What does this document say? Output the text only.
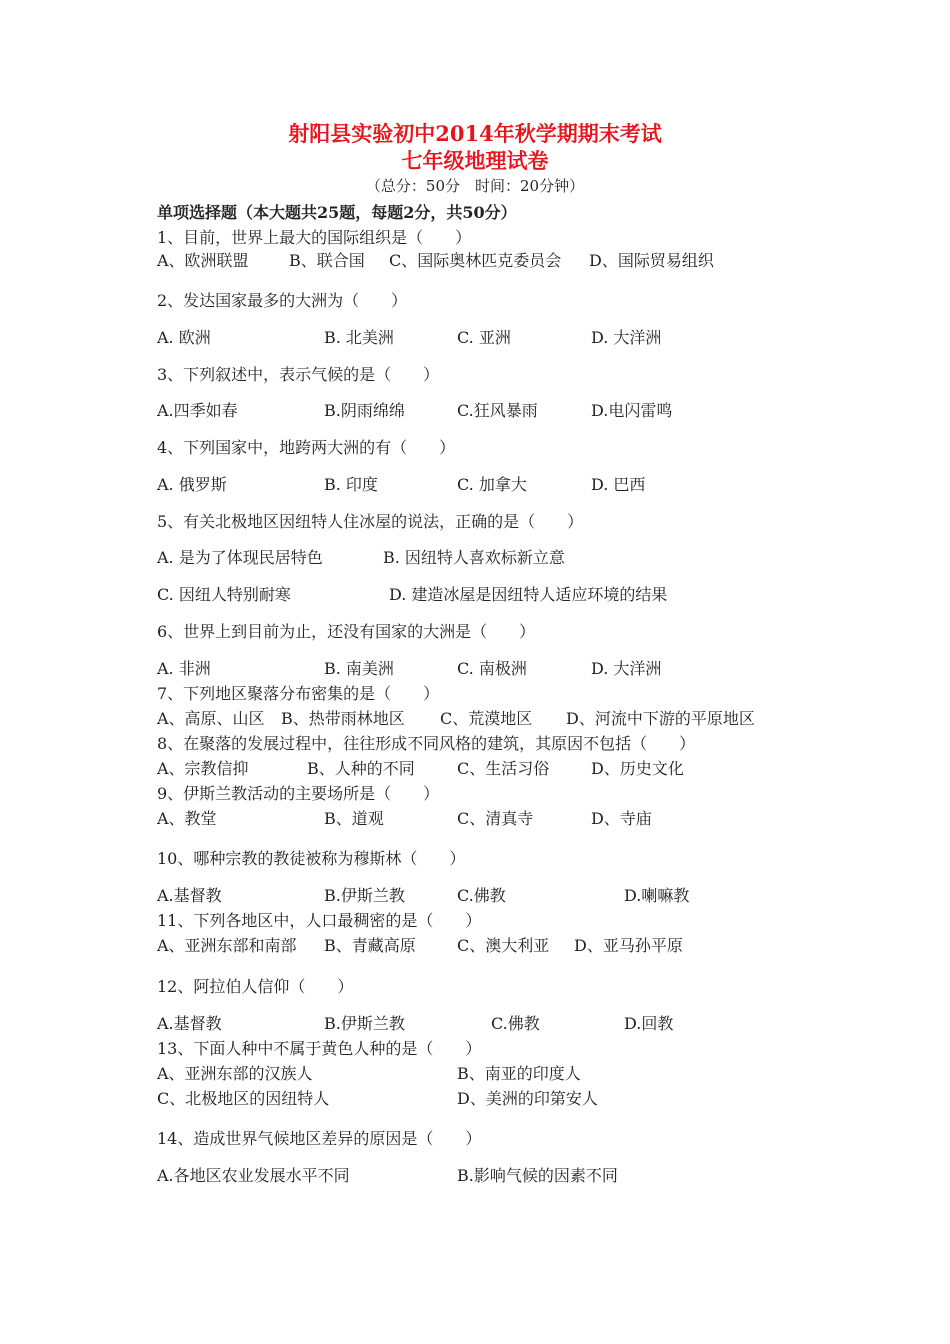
射阳县实验初中2014年秋学期期末考试
七年级地理试卷
（总分：50分　时间：20分钟）
单项选择题（本大题共25题，每题2分，共50分）
1、目前，世界上最大的国际组织是（　　）
A、欧洲联盟	B、联合国 C、国际奥林匹克委员会 D、国际贸易组织
2、发达国家最多的大洲为（　　）
A. 欧洲	B. 北美洲	C. 亚洲	D. 大洋洲
3、下列叙述中，表示气候的是（　　）
A.四季如春	B.阴雨绵绵	C.狂风暴雨	D.电闪雷鸣
4、下列国家中，地跨两大洲的有（　　）
A. 俄罗斯	B. 印度	C. 加拿大	D. 巴西
5、有关北极地区因纽特人住冰屋的说法，正确的是（　　）
A. 是为了体现民居特色	B. 因纽特人喜欢标新立意
C. 因纽人特别耐寒	D. 建造冰屋是因纽特人适应环境的结果
6、世界上到目前为止，还没有国家的大洲是（　　）
A. 非洲	B. 南美洲	C. 南极洲	D. 大洋洲
7、下列地区聚落分布密集的是（　　）
A、高原、山区 B、热带雨林地区 C、荒漠地区 D、河流中下游的平原地区
8、在聚落的发展过程中，往往形成不同风格的建筑，其原因不包括（　　）
A、宗教信抑	B、人种的不同	C、生活习俗	D、历史文化
9、伊斯兰教活动的主要场所是（　　）
A、教堂	B、道观	C、清真寺	D、寺庙
10、哪种宗教的教徒被称为穆斯林（　　）
A.基督教	B.伊斯兰教	C.佛教	D.喇嘛教
11、下列各地区中，人口最稠密的是（　　）
A、亚洲东部和南部 B、青藏高原	C、澳大利亚 D、亚马孙平原
12、阿拉伯人信仰（　　）
A.基督教	B.伊斯兰教	C.佛教	D.回教
13、下面人种中不属于黄色人种的是（　　）
A、亚洲东部的汉族人	B、南亚的印度人
C、北极地区的因纽特人	D、美洲的印第安人
14、造成世界气候地区差异的原因是（　　）
A.各地区农业发展水平不同	B.影响气候的因素不同
